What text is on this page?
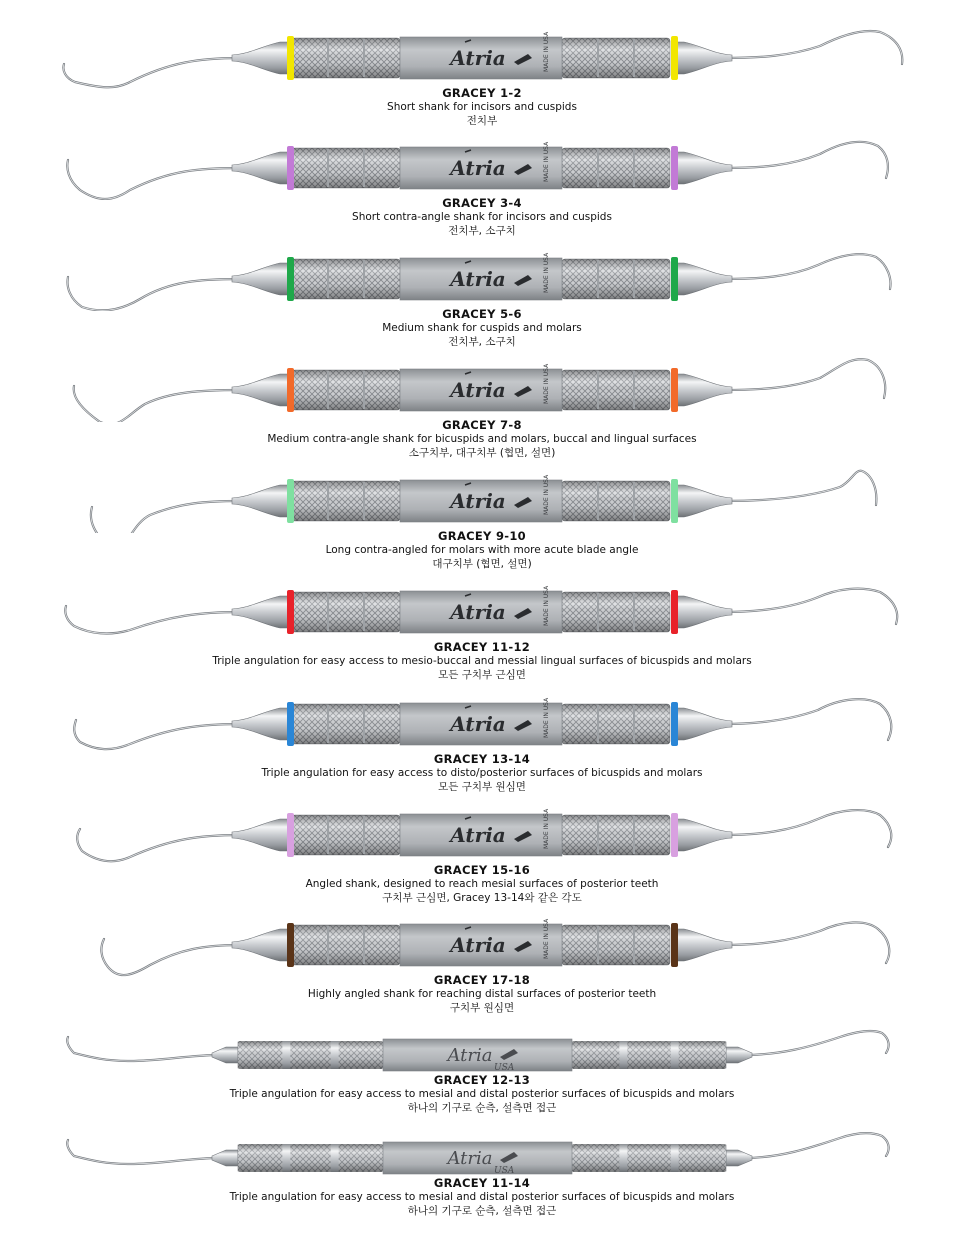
Atria	MADE IN USA
GRACEY 1-2
Short shank for incisors and cuspids
전치부
Atria	MADE IN USA
GRACEY 3-4
Short contra-angle shank for incisors and cuspids
전치부, 소구치
Atria	MADE IN USA
GRACEY 5-6
Medium shank for cuspids and molars
전치부, 소구치
Atria	MADE IN USA
GRACEY 7-8
Medium contra-angle shank for bicuspids and molars, buccal and lingual surfaces
소구치부, 대구치부 (협면, 설면)
Atria	MADE IN USA
GRACEY 9-10
Long contra-angled for molars with more acute blade angle
대구치부 (협면, 설면)
Atria	MADE IN USA
GRACEY 11-12
Triple angulation for easy access to mesio-buccal and messial lingual surfaces of bicuspids and molars
모든 구치부 근심면
Atria	MADE IN USA
GRACEY 13-14
Triple angulation for easy access to disto/posterior surfaces of bicuspids and molars
모든 구치부 원심면
Atria	MADE IN USA
GRACEY 15-16
Angled shank, designed to reach mesial surfaces of posterior teeth
구치부 근심면, Gracey 13-14와 같은 각도
Atria	MADE IN USA
GRACEY 17-18
Highly angled shank for reaching distal surfaces of posterior teeth
구치부 원심면
Atria
USA
GRACEY 12-13
Triple angulation for easy access to mesial and distal posterior surfaces of bicuspids and molars
하나의 기구로 순측, 설측면 접근
Atria
USA
GRACEY 11-14
Triple angulation for easy access to mesial and distal posterior surfaces of bicuspids and molars
하나의 기구로 순측, 설측면 접근
